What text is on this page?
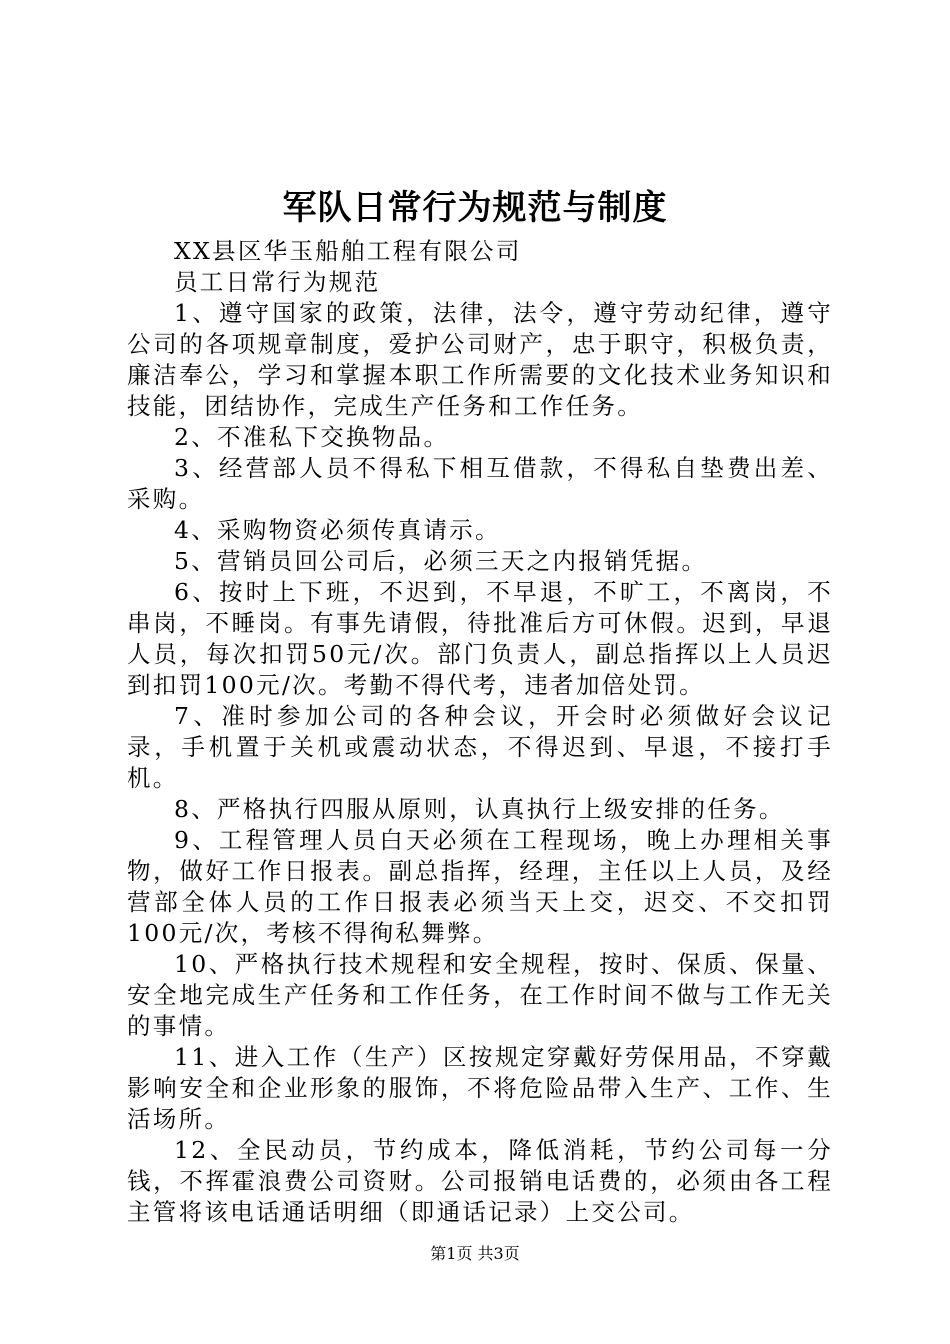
军队日常行为规范与制度

XX县区华玉船舶工程有限公司

员工日常行为规范

1、遵守国家的政策，法律，法令，遵守劳动纪律，遵守公司的各项规章制度，爱护公司财产，忠于职守，积极负责，廉洁奉公，学习和掌握本职工作所需要的文化技术业务知识和技能，团结协作，完成生产任务和工作任务。

2、不准私下交换物品。

3、经营部人员不得私下相互借款，不得私自垫费出差、采购。

4、采购物资必须传真请示。

5、营销员回公司后，必须三天之内报销凭据。

6、按时上下班，不迟到，不早退，不旷工，不离岗，不串岗，不睡岗。有事先请假，待批准后方可休假。迟到，早退人员，每次扣罚50元/次。部门负责人，副总指挥以上人员迟到扣罚100元/次。考勤不得代考，违者加倍处罚。

7、准时参加公司的各种会议，开会时必须做好会议记录，手机置于关机或震动状态，不得迟到、早退，不接打手机。

8、严格执行四服从原则，认真执行上级安排的任务。

9、工程管理人员白天必须在工程现场，晚上办理相关事物，做好工作日报表。副总指挥，经理，主任以上人员，及经营部全体人员的工作日报表必须当天上交，迟交、不交扣罚100元/次，考核不得徇私舞弊。

10、严格执行技术规程和安全规程，按时、保质、保量、安全地完成生产任务和工作任务，在工作时间不做与工作无关的事情。

11、进入工作（生产）区按规定穿戴好劳保用品，不穿戴影响安全和企业形象的服饰，不将危险品带入生产、工作、生活场所。

12、全民动员，节约成本，降低消耗，节约公司每一分钱，不挥霍浪费公司资财。公司报销电话费的，必须由各工程主管将该电话通话明细（即通话记录）上交公司。

第1页 共3页
